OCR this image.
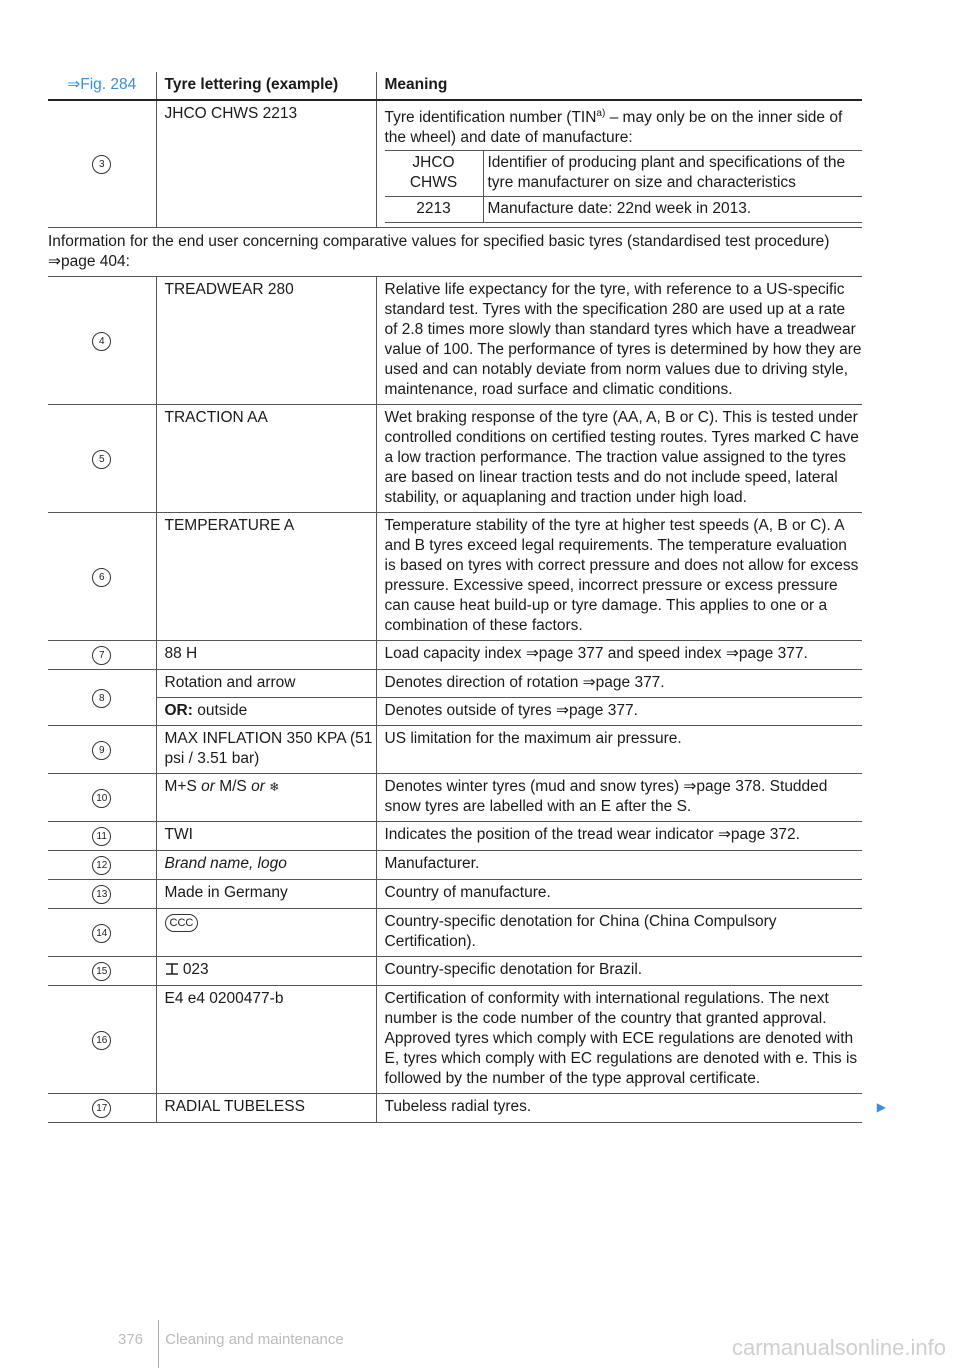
⇒Fig. 284	Tyre lettering (example)	Meaning
3	JHCO CHWS 2213	Tyre identification number (TIN$^{a)}$ – may only be on the inner side of the wheel) and date of manufacture:
JHCO CHWS	Identifier of producing plant and specifications of the tyre manufacturer on size and characteristics
2213	Manufacture date: 22nd week in 2013.

Information for the end user concerning comparative values for specified basic tyres (standardised test procedure) ⇒page 404:
4	TREADWEAR 280	Relative life expectancy for the tyre, with reference to a US-specific standard test. Tyres with the specification 280 are used up at a rate of 2.8 times more slowly than standard tyres which have a treadwear value of 100. The performance of tyres is determined by how they are used and can notably deviate from norm values due to driving style, maintenance, road surface and climatic conditions.
5	TRACTION AA	Wet braking response of the tyre (AA, A, B or C). This is tested under controlled conditions on certified testing routes. Tyres marked C have a low traction performance. The traction value assigned to the tyres are based on linear traction tests and do not include speed, lateral stability, or aquaplaning and traction under high load.
6	TEMPERATURE A	Temperature stability of the tyre at higher test speeds (A, B or C). A and B tyres exceed legal requirements. The temperature evaluation is based on tyres with correct pressure and does not allow for excess pressure. Excessive speed, incorrect pressure or excess pressure can cause heat build-up or tyre damage. This applies to one or a combination of these factors.
7	88 H	Load capacity index ⇒page 377 and speed index ⇒page 377.
8	Rotation and arrow	Denotes direction of rotation ⇒page 377.
OR: outside	Denotes outside of tyres ⇒page 377.
9	MAX INFLATION 350 KPA (51 psi / 3.51 bar)	US limitation for the maximum air pressure.
10	M+S or M/S or ❄	Denotes winter tyres (mud and snow tyres) ⇒page 378. Studded snow tyres are labelled with an E after the S.
11	TWI	Indicates the position of the tread wear indicator ⇒page 372.
12	Brand name, logo	Manufacturer.
13	Made in Germany	Country of manufacture.
14	CCC	Country-specific denotation for China (China Compulsory Certification).
15	023	Country-specific denotation for Brazil.
16	E4 e4 0200477-b	Certification of conformity with international regulations. The next number is the code number of the country that granted approval. Approved tyres which comply with ECE regulations are denoted with E, tyres which comply with EC regulations are denoted with e. This is followed by the number of the type approval certificate.
17	RADIAL TUBELESS	Tubeless radial tyres.	▶
376 Cleaning and maintenance	carmanualsonline.info
